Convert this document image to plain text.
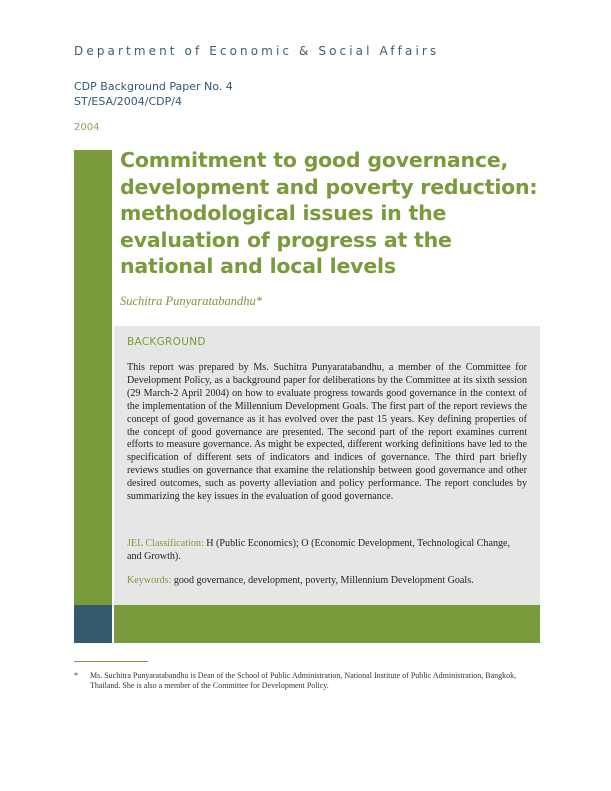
Department of Economic & Social Affairs
CDP Background Paper No. 4
ST/ESA/2004/CDP/4
2004
Commitment to good governance, development and poverty reduction: methodological issues in the evaluation of progress at the national and local levels
Suchitra Punyaratabandhu*
BACKGROUND

This report was prepared by Ms. Suchitra Punyaratabandhu, a member of the Committee for Development Policy, as a background paper for deliberations by the Committee at its sixth session (29 March-2 April 2004) on how to evaluate progress towards good governance in the context of the implementation of the Millennium Development Goals. The first part of the report reviews the concept of good governance as it has evolved over the past 15 years. Key defining properties of the concept of good governance are presented. The second part of the report examines current efforts to measure governance. As might be expected, different working definitions have led to the specification of different sets of indicators and indices of governance. The third part briefly reviews studies on governance that examine the relationship between good governance and other desired outcomes, such as poverty alleviation and policy performance. The report concludes by summarizing the key issues in the evaluation of good governance.

JEL Classification: H (Public Economics); O (Economic Development, Technological Change, and Growth).
Keywords: good governance, development, poverty, Millennium Development Goals.
* Ms. Suchitra Punyaratabandhu is Dean of the School of Public Administration, National Institute of Public Administration, Bangkok, Thailand. She is also a member of the Committee for Development Policy.
